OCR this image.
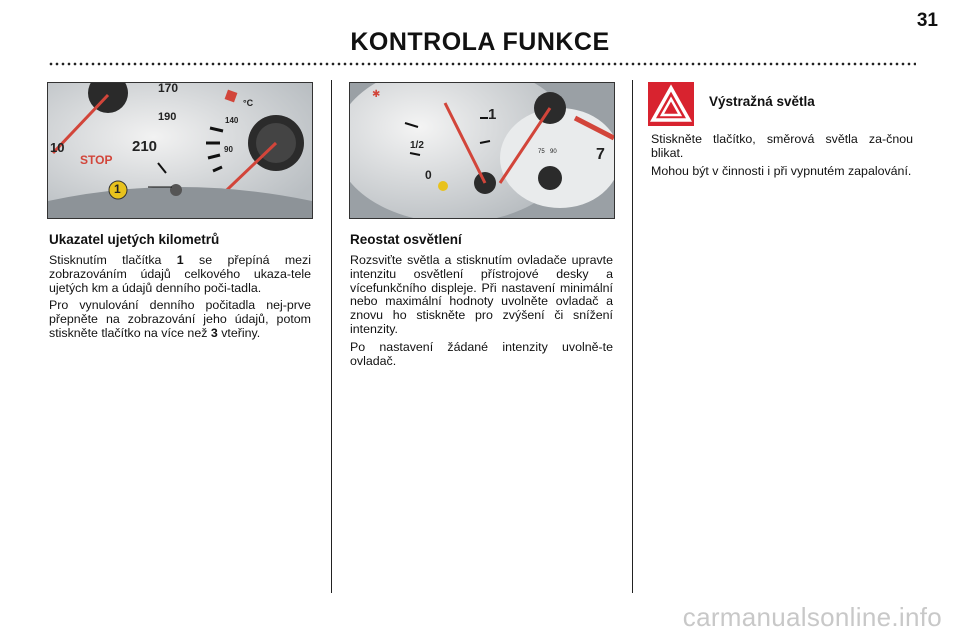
31
KONTROLA FUNKCE
170
190
210
10
140
90
°C
STOP
1
Ukazatel ujetých kilometrů

Stisknutím tlačítka 1 se přepíná mezi zobrazováním údajů celkového ukaza-tele ujetých km a údajů denního poči-tadla.

Pro vynulování denního počitadla nej-prve přepněte na zobrazování jeho údajů, potom stiskněte tlačítko na více než 3 vteřiny.

✱
1
1/2
0
7
75 90
Reostat osvětlení

Rozsviťte světla a stisknutím ovladače upravte intenzitu osvětlení přístrojové desky a vícefunkčního displeje. Při nastavení minimální nebo maximální hodnoty uvolněte ovladač a znovu ho stiskněte pro zvýšení či snížení intenzity.

Po nastavení žádané intenzity uvolně-te ovladač.

Výstražná světla

Stiskněte tlačítko, směrová světla za-čnou blikat.

Mohou být v činnosti i při vypnutém zapalování.

carmanualsonline.info
